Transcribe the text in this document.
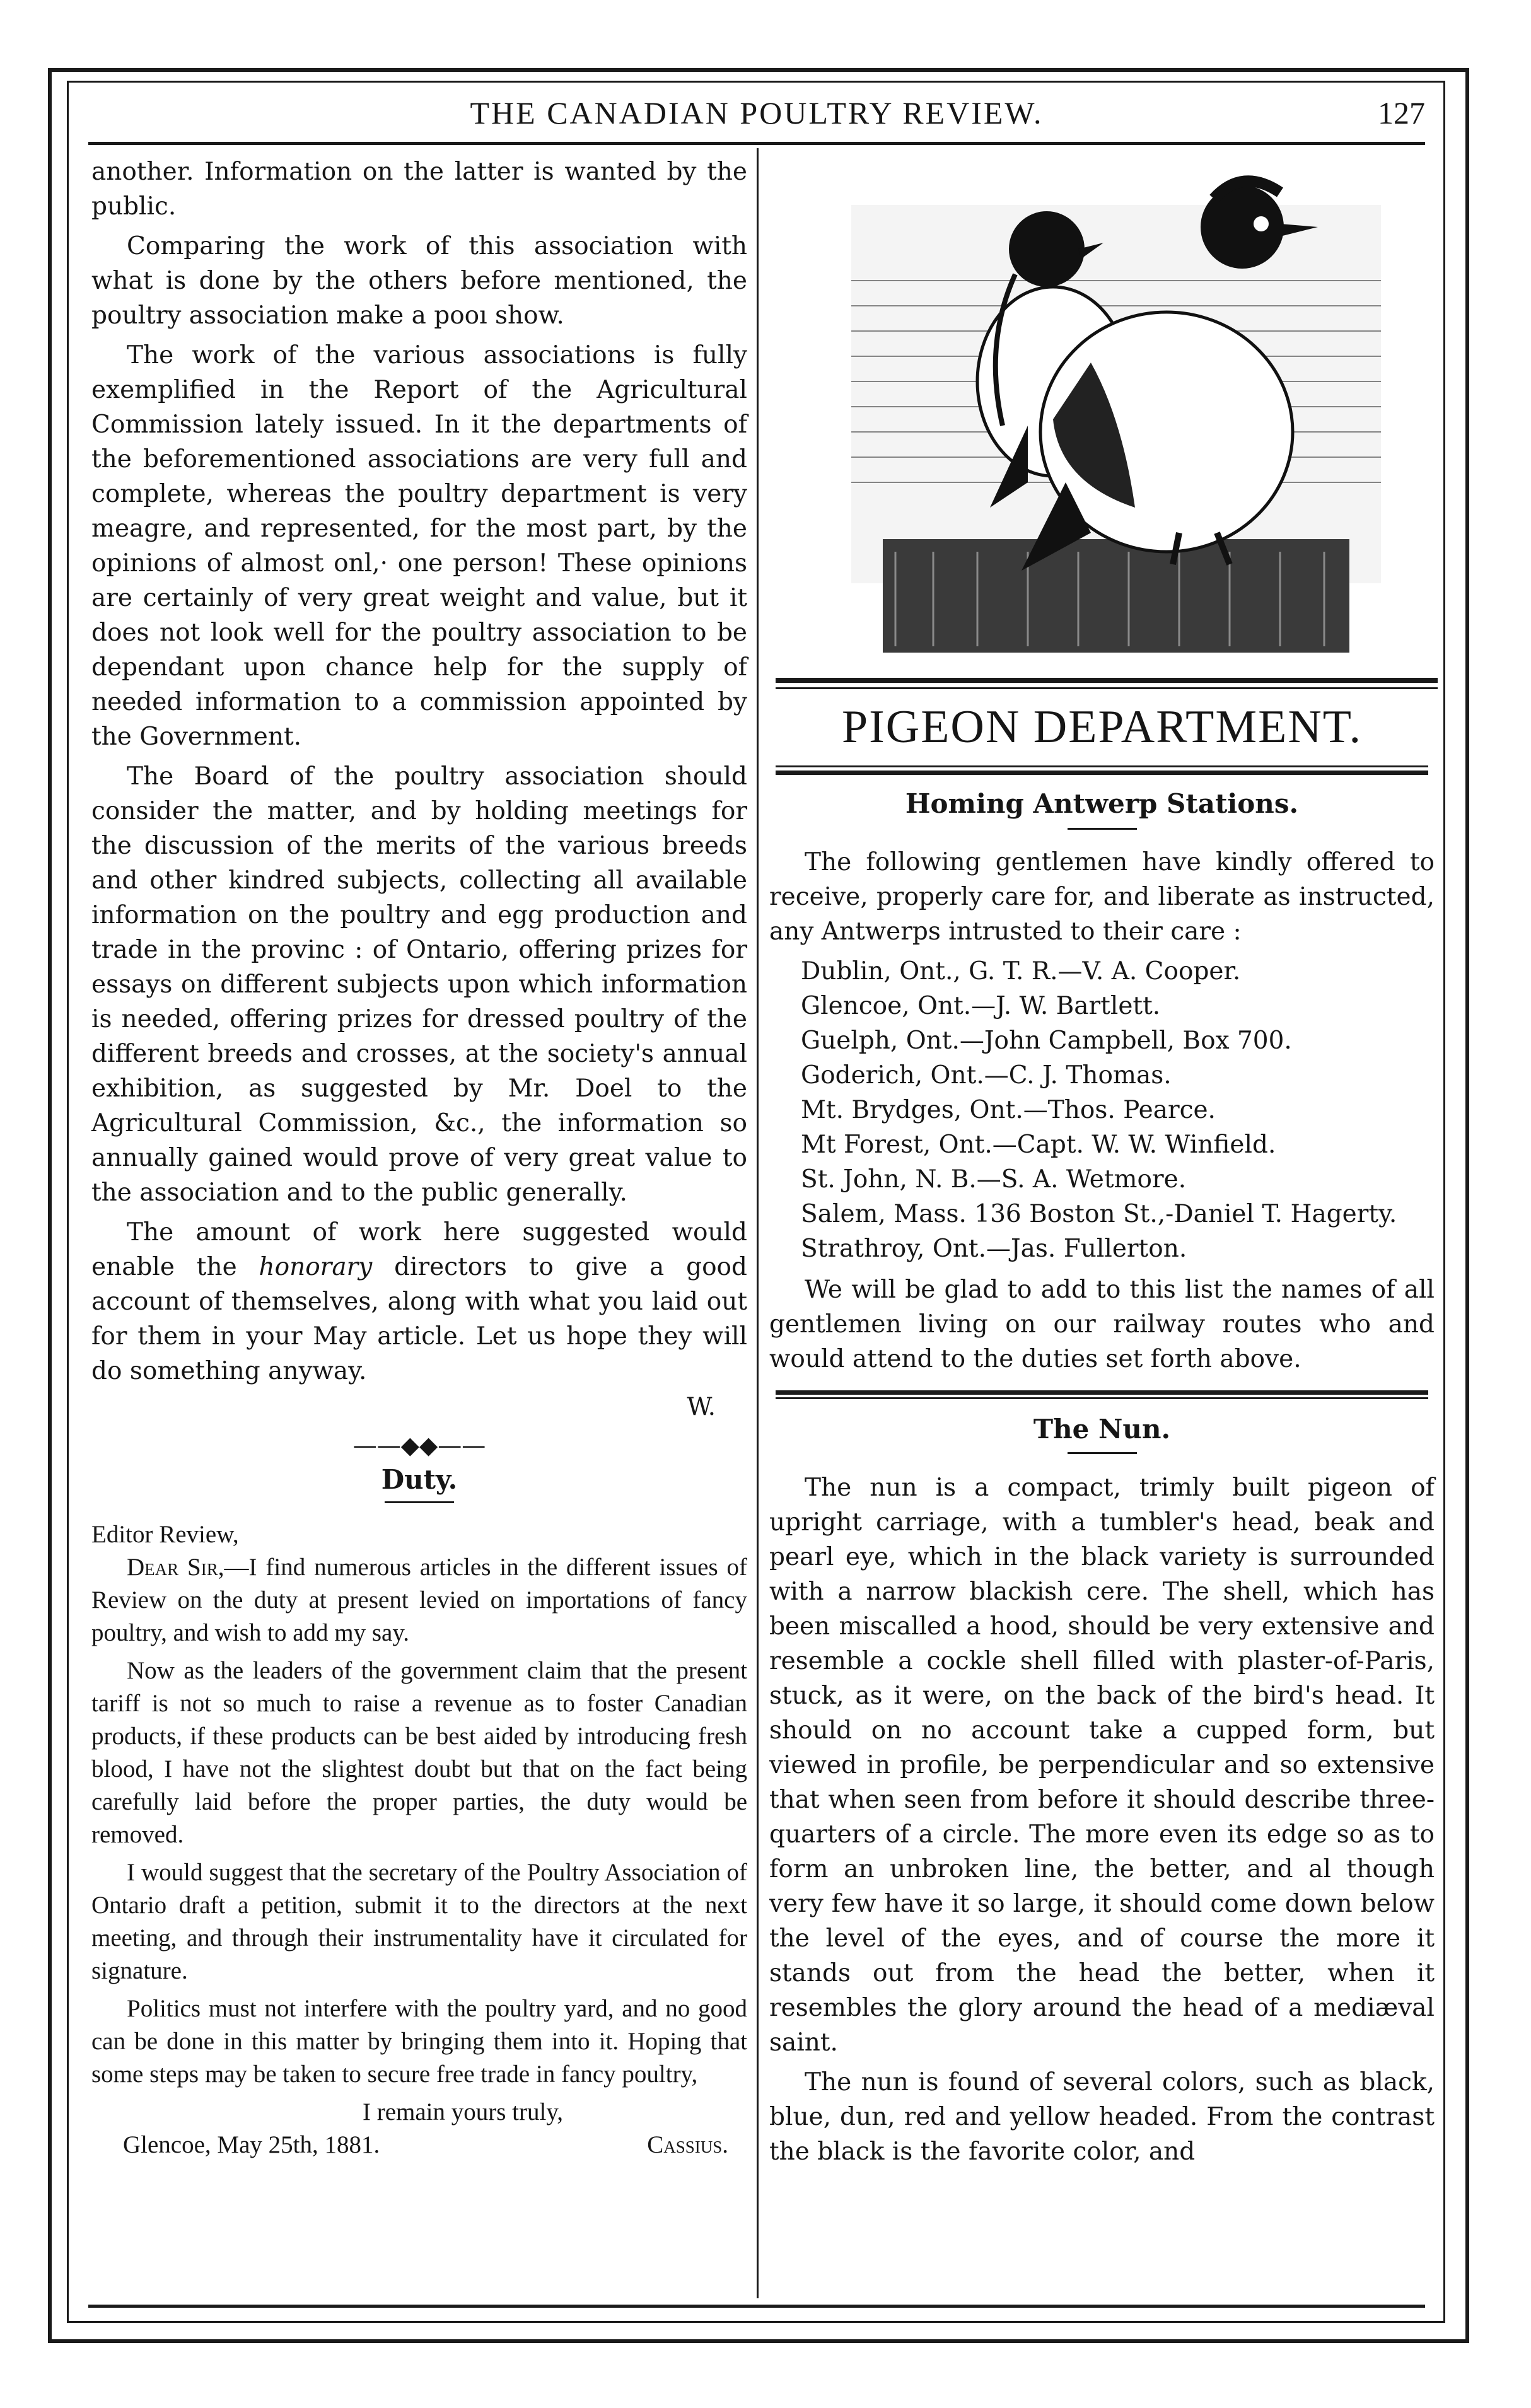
THE CANADIAN POULTRY REVIEW.	127

another. Information on the latter is wanted by the public.

Comparing the work of this association with what is done by the others before mentioned, the poultry association make a pooı show.

The work of the various associations is fully exemplified in the Report of the Agricultural Commission lately issued. In it the departments of the beforementioned associations are very full and complete, whereas the poultry department is very meagre, and represented, for the most part, by the opinions of almost onl,· one person! These opinions are certainly of very great weight and value, but it does not look well for the poultry association to be dependant upon chance help for the supply of needed information to a commission appointed by the Government.

The Board of the poultry association should consider the matter, and by holding meetings for the discussion of the merits of the various breeds and other kindred subjects, collecting all available information on the poultry and egg production and trade in the provinc : of Ontario, offering prizes for essays on different subjects upon which information is needed, offering prizes for dressed poultry of the different breeds and crosses, at the society's annual exhibition, as suggested by Mr. Doel to the Agricultural Commission, &c., the information so annually gained would prove of very great value to the association and to the public generally.

The amount of work here suggested would enable the honorary directors to give a good account of themselves, along with what you laid out for them in your May article. Let us hope they will do something anyway.

W.
——◆◆——
Duty.
Editor Review,

Dear Sir,—I find numerous articles in the different issues of Review on the duty at present levied on importations of fancy poultry, and wish to add my say.

Now as the leaders of the government claim that the present tariff is not so much to raise a revenue as to foster Canadian products, if these products can be best aided by introducing fresh blood, I have not the slightest doubt but that on the fact being carefully laid before the proper parties, the duty would be removed.

I would suggest that the secretary of the Poultry Association of Ontario draft a petition, submit it to the directors at the next meeting, and through their instrumentality have it circulated for signature.

Politics must not interfere with the poultry yard, and no good can be done in this matter by bringing them into it. Hoping that some steps may be taken to secure free trade in fancy poultry,

I remain yours truly,
Glencoe, May 25th, 1881.	Cassius.
PIGEON DEPARTMENT.
Homing Antwerp Stations.

The following gentlemen have kindly offered to receive, properly care for, and liberate as instructed, any Antwerps intrusted to their care :

Dublin, Ont., G. T. R.—V. A. Cooper.
Glencoe, Ont.—J. W. Bartlett.
Guelph, Ont.—John Campbell, Box 700.
Goderich, Ont.—C. J. Thomas.
Mt. Brydges, Ont.—Thos. Pearce.
Mt Forest, Ont.—Capt. W. W. Winfield.
St. John, N. B.—S. A. Wetmore.
Salem, Mass. 136 Boston St.,-Daniel T. Hagerty.
Strathroy, Ont.—Jas. Fullerton.

We will be glad to add to this list the names of all gentlemen living on our railway routes who and would attend to the duties set forth above.

The Nun.

The nun is a compact, trimly built pigeon of upright carriage, with a tumbler's head, beak and pearl eye, which in the black variety is surrounded with a narrow blackish cere. The shell, which has been miscalled a hood, should be very extensive and resemble a cockle shell filled with plaster-of-Paris, stuck, as it were, on the back of the bird's head. It should on no account take a cupped form, but viewed in profile, be perpendicular and so extensive that when seen from before it should describe three-quarters of a circle. The more even its edge so as to form an unbroken line, the better, and al though very few have it so large, it should come down below the level of the eyes, and of course the more it stands out from the head the better, when it resembles the glory around the head of a mediæval saint.

The nun is found of several colors, such as black, blue, dun, red and yellow headed. From the contrast the black is the favorite color, and
